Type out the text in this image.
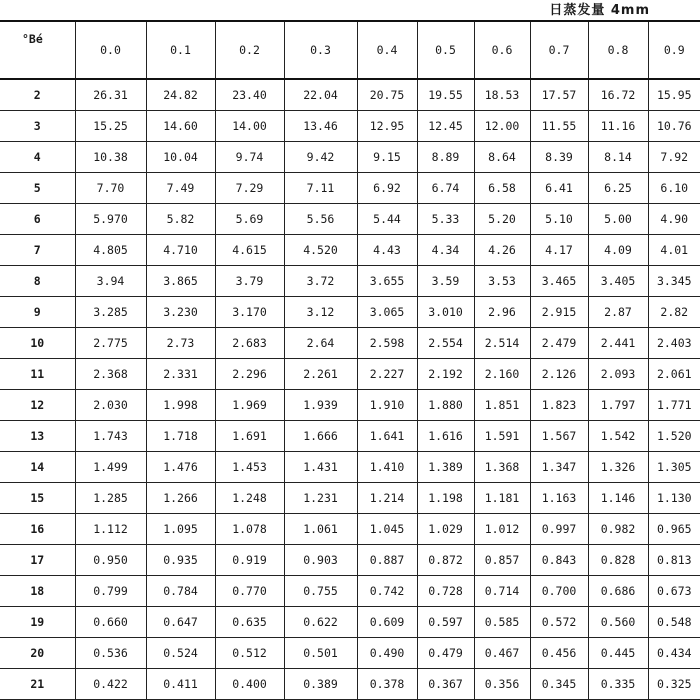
日蒸发量 4mm
°Bé	0.0	0.1	0.2	0.3	0.4	0.5	0.6	0.7	0.8	0.9
2	26.31	24.82	23.40	22.04	20.75	19.55	18.53	17.57	16.72	15.95
3	15.25	14.60	14.00	13.46	12.95	12.45	12.00	11.55	11.16	10.76
4	10.38	10.04	9.74	9.42	9.15	8.89	8.64	8.39	8.14	7.92
5	7.70	7.49	7.29	7.11	6.92	6.74	6.58	6.41	6.25	6.10
6	5.970	5.82	5.69	5.56	5.44	5.33	5.20	5.10	5.00	4.90
7	4.805	4.710	4.615	4.520	4.43	4.34	4.26	4.17	4.09	4.01
8	3.94	3.865	3.79	3.72	3.655	3.59	3.53	3.465	3.405	3.345
9	3.285	3.230	3.170	3.12	3.065	3.010	2.96	2.915	2.87	2.82
10	2.775	2.73	2.683	2.64	2.598	2.554	2.514	2.479	2.441	2.403
11	2.368	2.331	2.296	2.261	2.227	2.192	2.160	2.126	2.093	2.061
12	2.030	1.998	1.969	1.939	1.910	1.880	1.851	1.823	1.797	1.771
13	1.743	1.718	1.691	1.666	1.641	1.616	1.591	1.567	1.542	1.520
14	1.499	1.476	1.453	1.431	1.410	1.389	1.368	1.347	1.326	1.305
15	1.285	1.266	1.248	1.231	1.214	1.198	1.181	1.163	1.146	1.130
16	1.112	1.095	1.078	1.061	1.045	1.029	1.012	0.997	0.982	0.965
17	0.950	0.935	0.919	0.903	0.887	0.872	0.857	0.843	0.828	0.813
18	0.799	0.784	0.770	0.755	0.742	0.728	0.714	0.700	0.686	0.673
19	0.660	0.647	0.635	0.622	0.609	0.597	0.585	0.572	0.560	0.548
20	0.536	0.524	0.512	0.501	0.490	0.479	0.467	0.456	0.445	0.434
21	0.422	0.411	0.400	0.389	0.378	0.367	0.356	0.345	0.335	0.325
